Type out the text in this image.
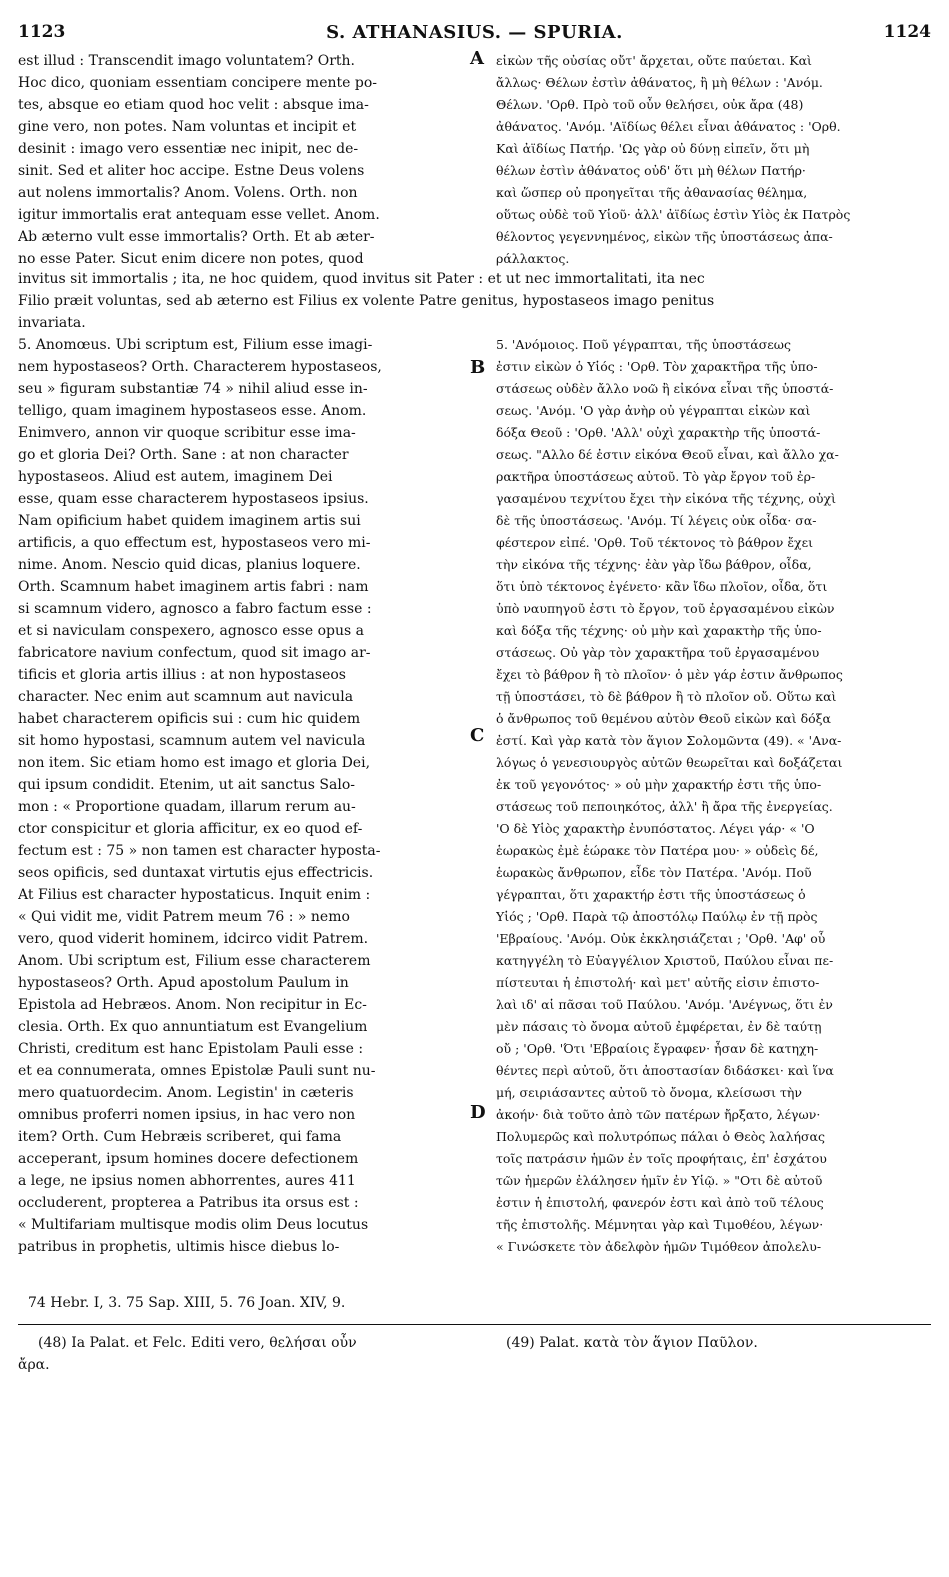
1123	S. ATHANASIUS. — SPURIA.	1124
est illud : Transcendit imago voluntatem? Orth.
Hoc dico, quoniam essentiam concipere mente po-
tes, absque eo etiam quod hoc velit : absque ima-
gine vero, non potes. Nam voluntas et incipit et
desinit : imago vero essentiæ nec inipit, nec de-
sinit. Sed et aliter hoc accipe. Estne Deus volens
aut nolens immortalis? Anom. Volens. Orth. non
igitur immortalis erat antequam esse vellet. Anom.
Ab æterno vult esse immortalis? Orth. Et ab æter-
no esse Pater. Sicut enim dicere non potes, quod
εἰκὼν τῆς οὐσίας οὔτ' ἄρχεται, οὔτε παύεται. Καὶ
ἄλλως· Θέλων ἐστὶν ἀθάνατος, ἢ μὴ θέλων : 'Ανόμ.
Θέλων. 'Ορθ. Πρὸ τοῦ οὖν θελήσει, οὐκ ἄρα (48)
ἀθάνατος. 'Ανόμ. 'Αϊδίως θέλει εἶναι ἀθάνατος : 'Ορθ.
Καὶ ἀϊδίως Πατήρ. 'Ως γὰρ οὐ δύνῃ εἰπεῖν, ὅτι μὴ
θέλων ἐστὶν ἀθάνατος οὐδ' ὅτι μὴ θέλων Πατήρ·
καὶ ὥσπερ οὐ προηγεῖται τῆς ἀθανασίας θέλημα,
οὕτως οὐδὲ τοῦ Υἱοῦ· ἀλλ' ἀϊδίως ἐστὶν Υἱὸς ἐκ Πατρὸς
θέλοντος γεγεννημένος, εἰκὼν τῆς ὑποστάσεως ἀπα-
ράλλακτος.
invitus sit immortalis ; ita, ne hoc quidem, quod invitus sit Pater : et ut nec immortalitati, ita nec
Filio præit voluntas, sed ab æterno est Filius ex volente Patre genitus, hypostaseos imago penitus
invariata.
5. Anomœus. Ubi scriptum est, Filium esse imagi-
nem hypostaseos? Orth. Characterem hypostaseos,
seu » figuram substantiæ 74 » nihil aliud esse in-
telligo, quam imaginem hypostaseos esse. Anom.
Enimvero, annon vir quoque scribitur esse ima-
go et gloria Dei? Orth. Sane : at non character
hypostaseos. Aliud est autem, imaginem Dei
esse, quam esse characterem hypostaseos ipsius.
Nam opificium habet quidem imaginem artis sui
artificis, a quo effectum est, hypostaseos vero mi-
nime. Anom. Nescio quid dicas, planius loquere.
Orth. Scamnum habet imaginem artis fabri : nam
si scamnum videro, agnosco a fabro factum esse :
et si naviculam conspexero, agnosco esse opus a
fabricatore navium confectum, quod sit imago ar-
tificis et gloria artis illius : at non hypostaseos
character. Nec enim aut scamnum aut navicula
habet characterem opificis sui : cum hic quidem
sit homo hypostasi, scamnum autem vel navicula
non item. Sic etiam homo est imago et gloria Dei,
qui ipsum condidit. Etenim, ut ait sanctus Salo-
mon : « Proportione quadam, illarum rerum au-
ctor conspicitur et gloria afficitur, ex eo quod ef-
fectum est : 75 » non tamen est character hyposta-
seos opificis, sed duntaxat virtutis ejus effectricis.
At Filius est character hypostaticus. Inquit enim :
« Qui vidit me, vidit Patrem meum 76 : » nemo
vero, quod viderit hominem, idcirco vidit Patrem.
Anom. Ubi scriptum est, Filium esse characterem
hypostaseos? Orth. Apud apostolum Paulum in
Epistola ad Hebræos. Anom. Non recipitur in Ec-
clesia. Orth. Ex quo annuntiatum est Evangelium
Christi, creditum est hanc Epistolam Pauli esse :
et ea connumerata, omnes Epistolæ Pauli sunt nu-
mero quatuordecim. Anom. Legistin' in cæteris
omnibus proferri nomen ipsius, in hac vero non
item? Orth. Cum Hebræis scriberet, qui fama
acceperant, ipsum homines docere defectionem
a lege, ne ipsius nomen abhorrentes, aures 411
occluderent, propterea a Patribus ita orsus est :
« Multifariam multisque modis olim Deus locutus
patribus in prophetis, ultimis hisce diebus lo-
5. 'Ανόμοιος. Ποῦ γέγραπται, τῆς ὑποστάσεως
ἐστιν εἰκὼν ὁ Υἱός : 'Ορθ. Τὸν χαρακτῆρα τῆς ὑπο-
στάσεως οὐδὲν ἄλλο νοῶ ἢ εἰκόνα εἶναι τῆς ὑποστά-
σεως. 'Ανόμ. 'Ο γὰρ ἀνὴρ οὐ γέγραπται εἰκὼν καὶ
δόξα Θεοῦ : 'Ορθ. 'Αλλ' οὐχὶ χαρακτὴρ τῆς ὑποστά-
σεως. "Αλλο δέ ἐστιν εἰκόνα Θεοῦ εἶναι, καὶ ἄλλο χα-
ρακτῆρα ὑποστάσεως αὐτοῦ. Τὸ γὰρ ἔργον τοῦ ἐρ-
γασαμένου τεχνίτου ἔχει τὴν εἰκόνα τῆς τέχνης, οὐχὶ
δὲ τῆς ὑποστάσεως. 'Ανόμ. Τί λέγεις οὐκ οἶδα· σα-
φέστερον εἰπέ. 'Ορθ. Τοῦ τέκτονος τὸ βάθρον ἔχει
τὴν εἰκόνα τῆς τέχνης· ἐὰν γὰρ ἴδω βάθρον, οἶδα,
ὅτι ὑπὸ τέκτονος ἐγένετο· κἂν ἴδω πλοῖον, οἶδα, ὅτι
ὑπὸ ναυπηγοῦ ἐστι τὸ ἔργον, τοῦ ἐργασαμένου εἰκὼν
καὶ δόξα τῆς τέχνης· οὐ μὴν καὶ χαρακτὴρ τῆς ὑπο-
στάσεως. Οὐ γὰρ τὸν χαρακτῆρα τοῦ ἐργασαμένου
ἔχει τὸ βάθρον ἢ τὸ πλοῖον· ὁ μὲν γάρ ἐστιν ἄνθρωπος
τῇ ὑποστάσει, τὸ δὲ βάθρον ἢ τὸ πλοῖον οὔ. Οὕτω καὶ
ὁ ἄνθρωπος τοῦ θεμένου αὐτὸν Θεοῦ εἰκὼν καὶ δόξα
ἐστί. Καὶ γὰρ κατὰ τὸν ἅγιον Σολομῶντα (49). « 'Ανα-
λόγως ὁ γενεσιουργὸς αὐτῶν θεωρεῖται καὶ δοξάζεται
ἐκ τοῦ γεγονότος· » οὐ μὴν χαρακτήρ ἐστι τῆς ὑπο-
στάσεως τοῦ πεποιηκότος, ἀλλ' ἢ ἄρα τῆς ἐνεργείας.
'Ο δὲ Υἱὸς χαρακτὴρ ἐνυπόστατος. Λέγει γάρ· « 'Ο
ἑωρακὼς ἐμὲ ἑώρακε τὸν Πατέρα μου· » οὐδεὶς δέ,
ἑωρακὼς ἄνθρωπον, εἶδε τὸν Πατέρα. 'Ανόμ. Ποῦ
γέγραπται, ὅτι χαρακτήρ ἐστι τῆς ὑποστάσεως ὁ
Υἱός ; 'Ορθ. Παρὰ τῷ ἀποστόλῳ Παύλῳ ἐν τῇ πρὸς
'Εβραίους. 'Ανόμ. Οὐκ ἐκκλησιάζεται ; 'Ορθ. 'Αφ' οὗ
κατηγγέλη τὸ Εὐαγγέλιον Χριστοῦ, Παύλου εἶναι πε-
πίστευται ἡ ἐπιστολή· καὶ μετ' αὐτῆς εἰσιν ἐπιστο-
λαὶ ιδ' αἱ πᾶσαι τοῦ Παύλου. 'Ανόμ. 'Ανέγνως, ὅτι ἐν
μὲν πάσαις τὸ ὄνομα αὐτοῦ ἐμφέρεται, ἐν δὲ ταύτῃ
οὔ ; 'Ορθ. 'Ότι 'Εβραίοις ἔγραφεν· ἦσαν δὲ κατηχη-
θέντες περὶ αὐτοῦ, ὅτι ἀποστασίαν διδάσκει· καὶ ἵνα
μή, σειριάσαντες αὐτοῦ τὸ ὄνομα, κλείσωσι τὴν
ἀκοήν· διὰ τοῦτο ἀπὸ τῶν πατέρων ἤρξατο, λέγων·
Πολυμερῶς καὶ πολυτρόπως πάλαι ὁ Θεὸς λαλήσας
τοῖς πατράσιν ἡμῶν ἐν τοῖς προφήταις, ἐπ' ἐσχάτου
τῶν ἡμερῶν ἐλάλησεν ἡμῖν ἐν Υἱῷ. » "Οτι δὲ αὐτοῦ
ἐστιν ἡ ἐπιστολή, φανερόν ἐστι καὶ ἀπὸ τοῦ τέλους
τῆς ἐπιστολῆς. Μέμνηται γὰρ καὶ Τιμοθέου, λέγων·
« Γινώσκετε τὸν ἀδελφὸν ἡμῶν Τιμόθεον ἀπολελυ-
A
B
C
D
74 Hebr. I, 3. 75 Sap. XIII, 5. 76 Joan. XIV, 9.
(48) Ia Palat. et Felc. Editi vero, θελήσαι οὖν
ἄρα.
(49) Palat. κατὰ τὸν ἅγιον Παῦλον.
